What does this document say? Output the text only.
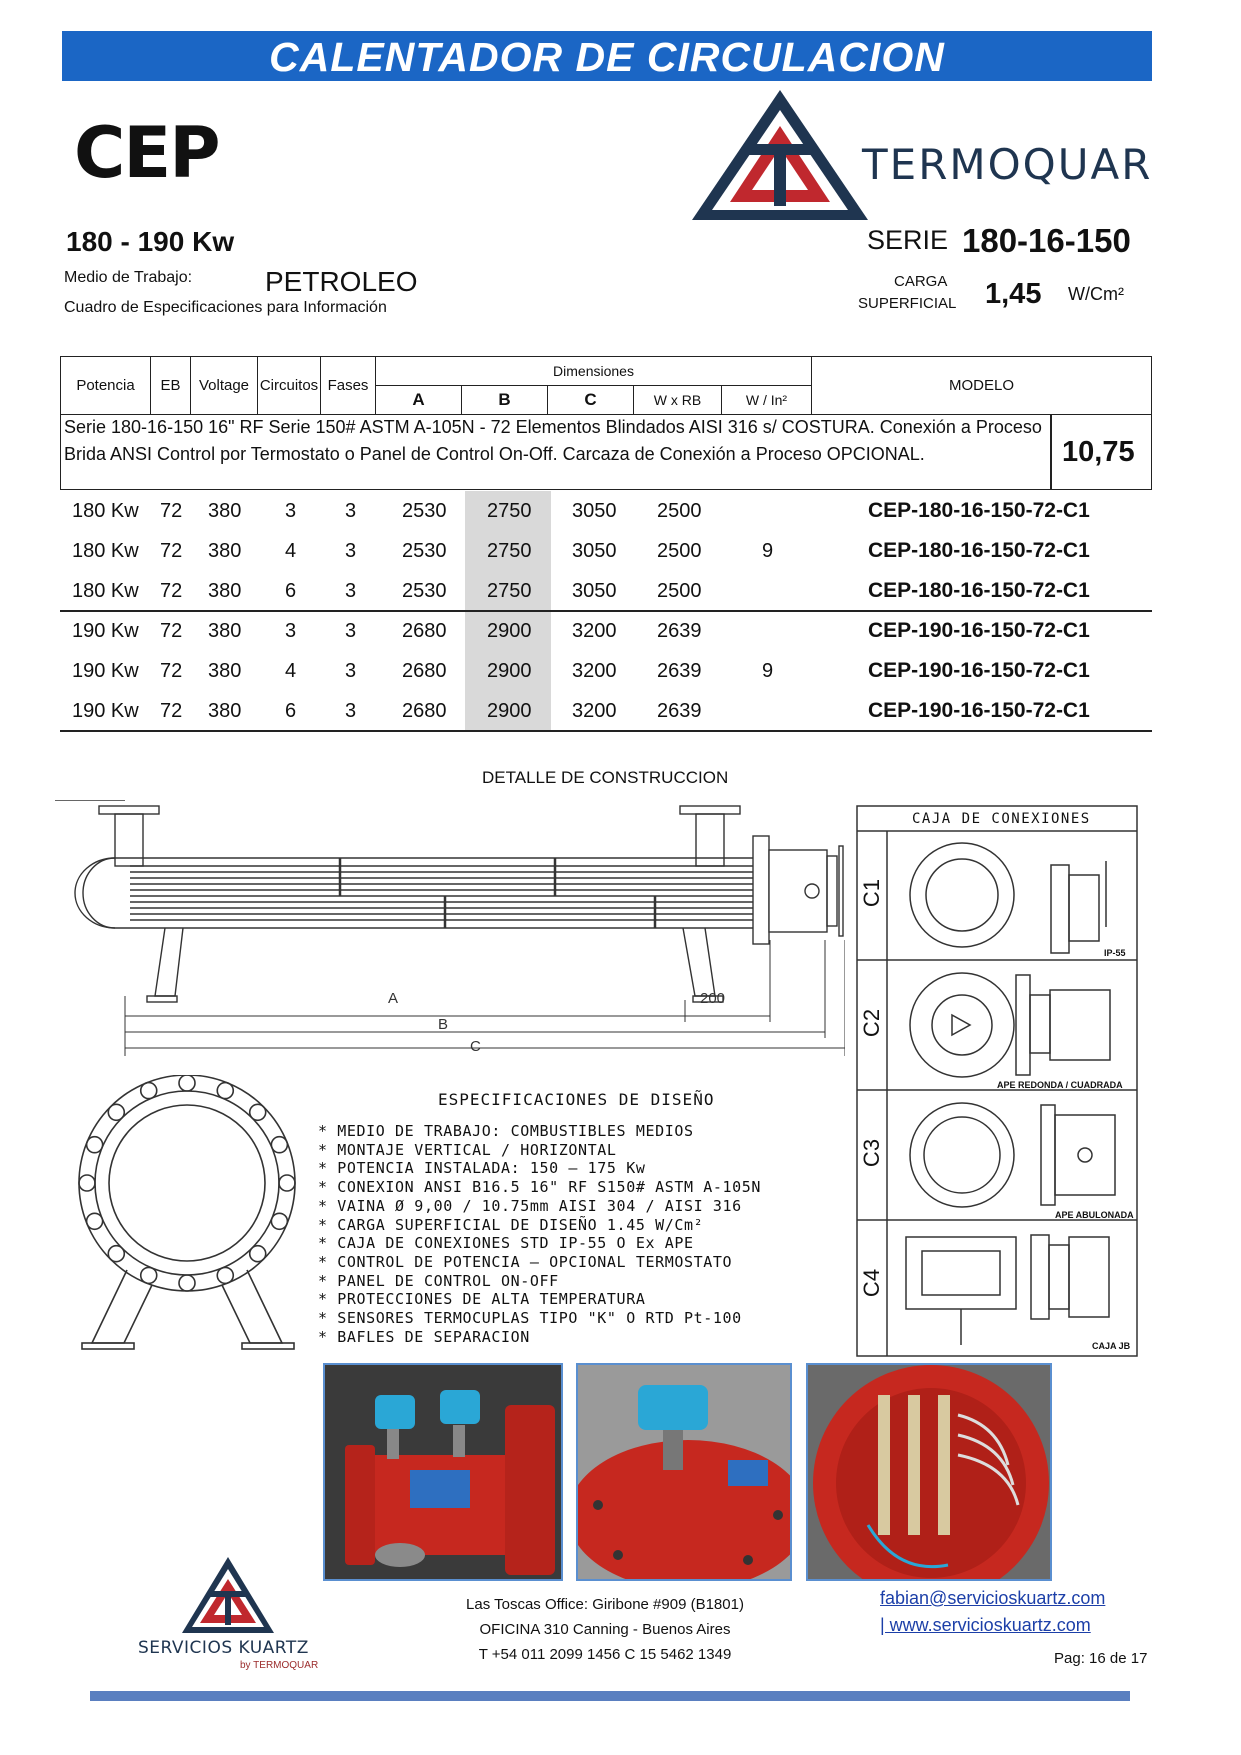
CALENTADOR DE CIRCULACION
CEP	TERMOQUAR
180 - 190 Kw
Medio de Trabajo:	PETROLEO
Cuadro de Especificaciones para Información
SERIE 180-16-150
CARGA
SUPERFICIAL 1,45 W/Cm²
Potencia	EB	Voltage	Circuitos	Fases	Dimensiones					MODELO
					A	B	C	W x RB	W / In²	
Serie 180-16-150 16" RF Serie 150# ASTM A-105N - 72 Elementos Blindados AISI 316 s/ COSTURA. Conexión a Proceso Brida ANSI Control por Termostato o Panel de Control On-Off. Carcaza de Conexión a Proceso OPCIONAL.	10,75
180 Kw 72 380 3 3 2530 2750 3050 2500	CEP-180-16-150-72-C1
180 Kw 72 380 4 3 2530 2750 3050 2500	9	CEP-180-16-150-72-C1
180 Kw 72 380 6 3 2530 2750 3050 2500	CEP-180-16-150-72-C1
190 Kw 72 380 3 3 2680 2900 3200 2639	CEP-190-16-150-72-C1
190 Kw 72 380 4 3 2680 2900 3200 2639	9	CEP-190-16-150-72-C1
190 Kw 72 380 6 3 2680 2900 3200 2639	CEP-190-16-150-72-C1
DETALLE DE CONSTRUCCION
A
B
C
200
ESPECIFICACIONES DE DISEÑO
* MEDIO DE TRABAJO: COMBUSTIBLES MEDIOS
* MONTAJE VERTICAL / HORIZONTAL
* POTENCIA INSTALADA: 150 – 175 Kw
* CONEXION ANSI B16.5 16" RF S150# ASTM A-105N
* VAINA Ø 9,00 / 10.75mm AISI 304 / AISI 316
* CARGA SUPERFICIAL DE DISEÑO 1.45 W/Cm²
* CAJA DE CONEXIONES STD IP-55 O Ex APE
* CONTROL DE POTENCIA – OPCIONAL TERMOSTATO
* PANEL DE CONTROL ON-OFF
* PROTECCIONES DE ALTA TEMPERATURA
* SENSORES TERMOCUPLAS TIPO "K" O RTD Pt-100
* BAFLES DE SEPARACION
CAJA DE CONEXIONES
C1
C2
C3
C4
IP-55
APE REDONDA / CUADRADA
APE ABULONADA
CAJA JB
SERVICIOS KUARTZ
by TERMOQUAR
Las Toscas Office: Giribone #909 (B1801)
OFICINA 310 Canning - Buenos Aires
T +54 011 2099 1456 C 15 5462 1349
fabian@servicioskuartz.com
| www.servicioskuartz.com
Pag: 16 de 17
